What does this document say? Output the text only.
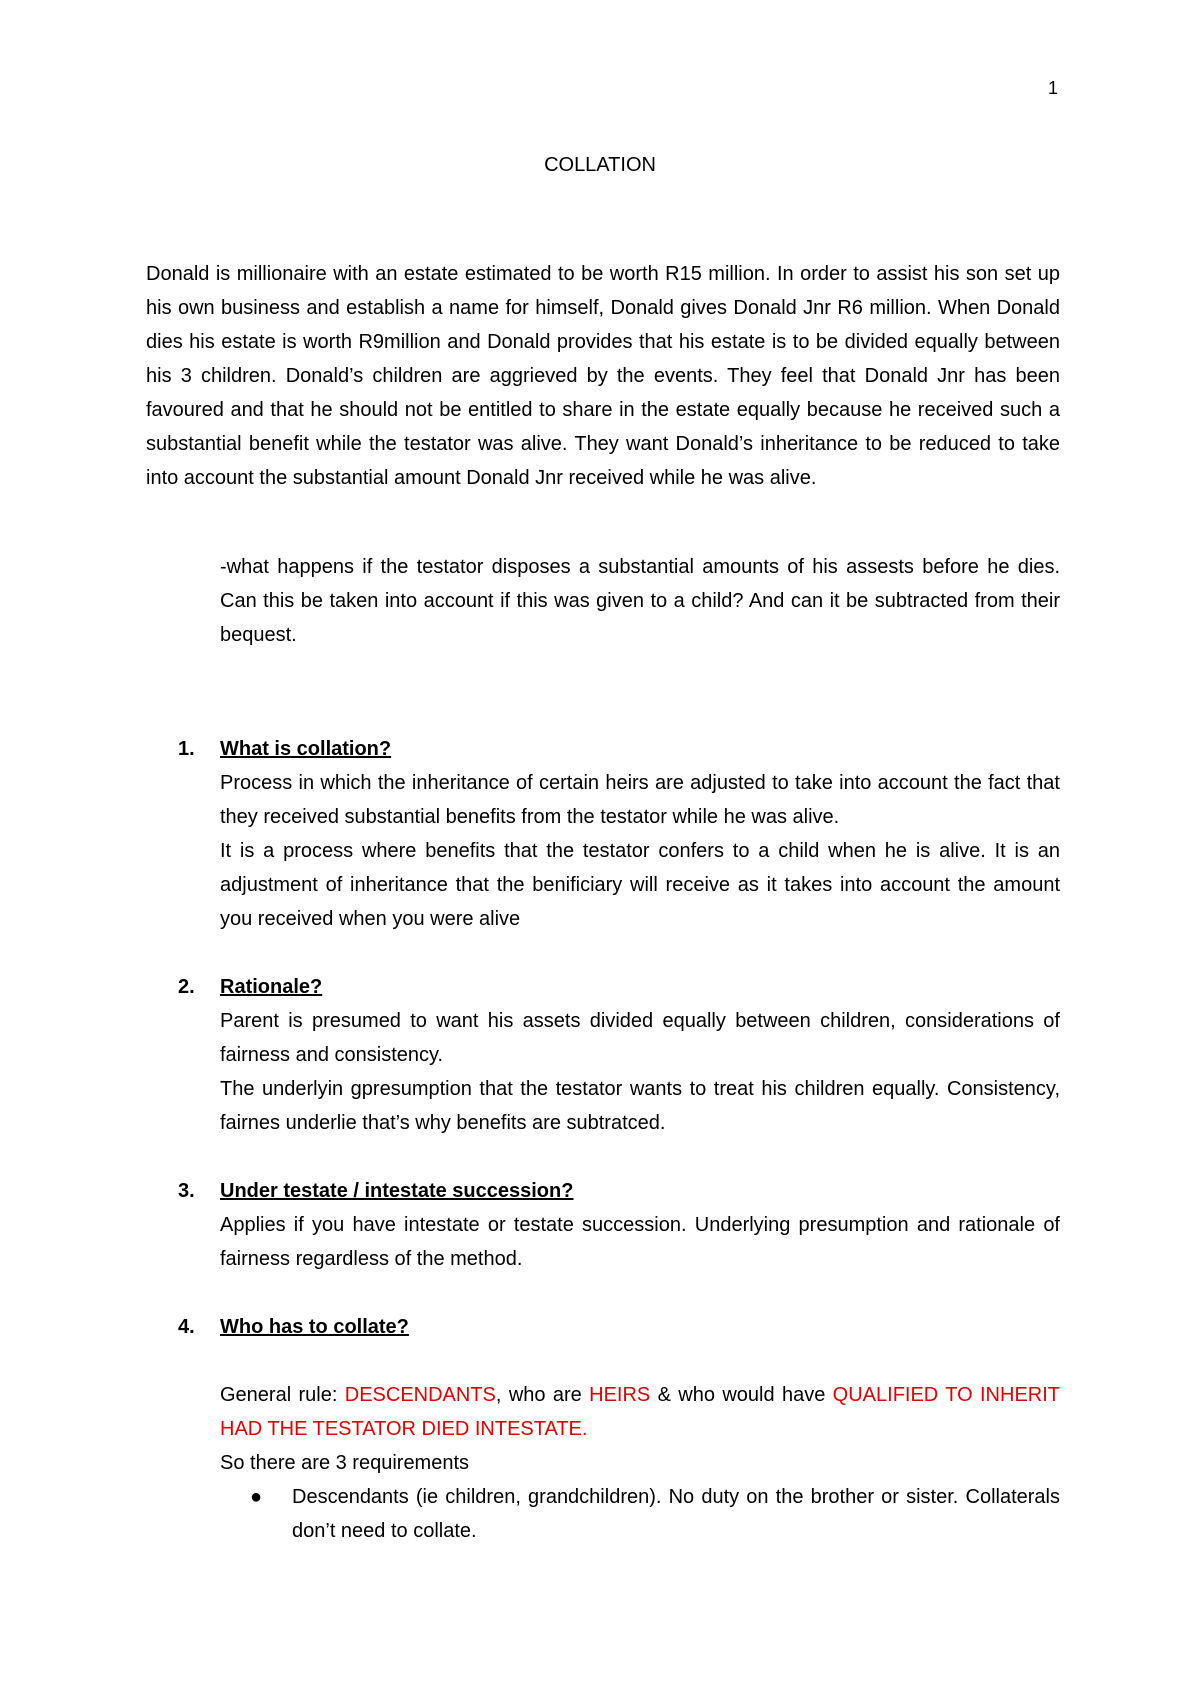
1
COLLATION
Donald is millionaire with an estate estimated to be worth R15 million. In order to assist his son set up his own business and establish a name for himself, Donald gives Donald Jnr R6 million. When Donald dies his estate is worth R9million and Donald provides that his estate is to be divided equally between his 3 children. Donald’s children are aggrieved by the events. They feel that Donald Jnr has been favoured and that he should not be entitled to share in the estate equally because he received such a substantial benefit while the testator was alive. They want Donald’s inheritance to be reduced to take into account the substantial amount Donald Jnr received while he was alive.
-what happens if the testator disposes a substantial amounts of his assests before he dies. Can this be taken into account if this was given to a child? And can it be subtracted from their bequest.
1. What is collation?
Process in which the inheritance of certain heirs are adjusted to take into account the fact that they received substantial benefits from the testator while he was alive.
It is a process where benefits that the testator confers to a child when he is alive. It is an adjustment of inheritance that the benificiary will receive as it takes into account the amount you received when you were alive
2. Rationale?
Parent is presumed to want his assets divided equally between children, considerations of fairness and consistency.
The underlyin gpresumption that the testator wants to treat his children equally. Consistency, fairnes underlie that’s why benefits are subtratced.
3. Under testate / intestate succession?
Applies if you have intestate or testate succession. Underlying presumption and rationale of fairness regardless of the method.
4. Who has to collate?
General rule: DESCENDANTS, who are HEIRS & who would have QUALIFIED TO INHERIT HAD THE TESTATOR DIED INTESTATE.
So there are 3 requirements
● Descendants (ie children, grandchildren). No duty on the brother or sister. Collaterals don’t need to collate.
